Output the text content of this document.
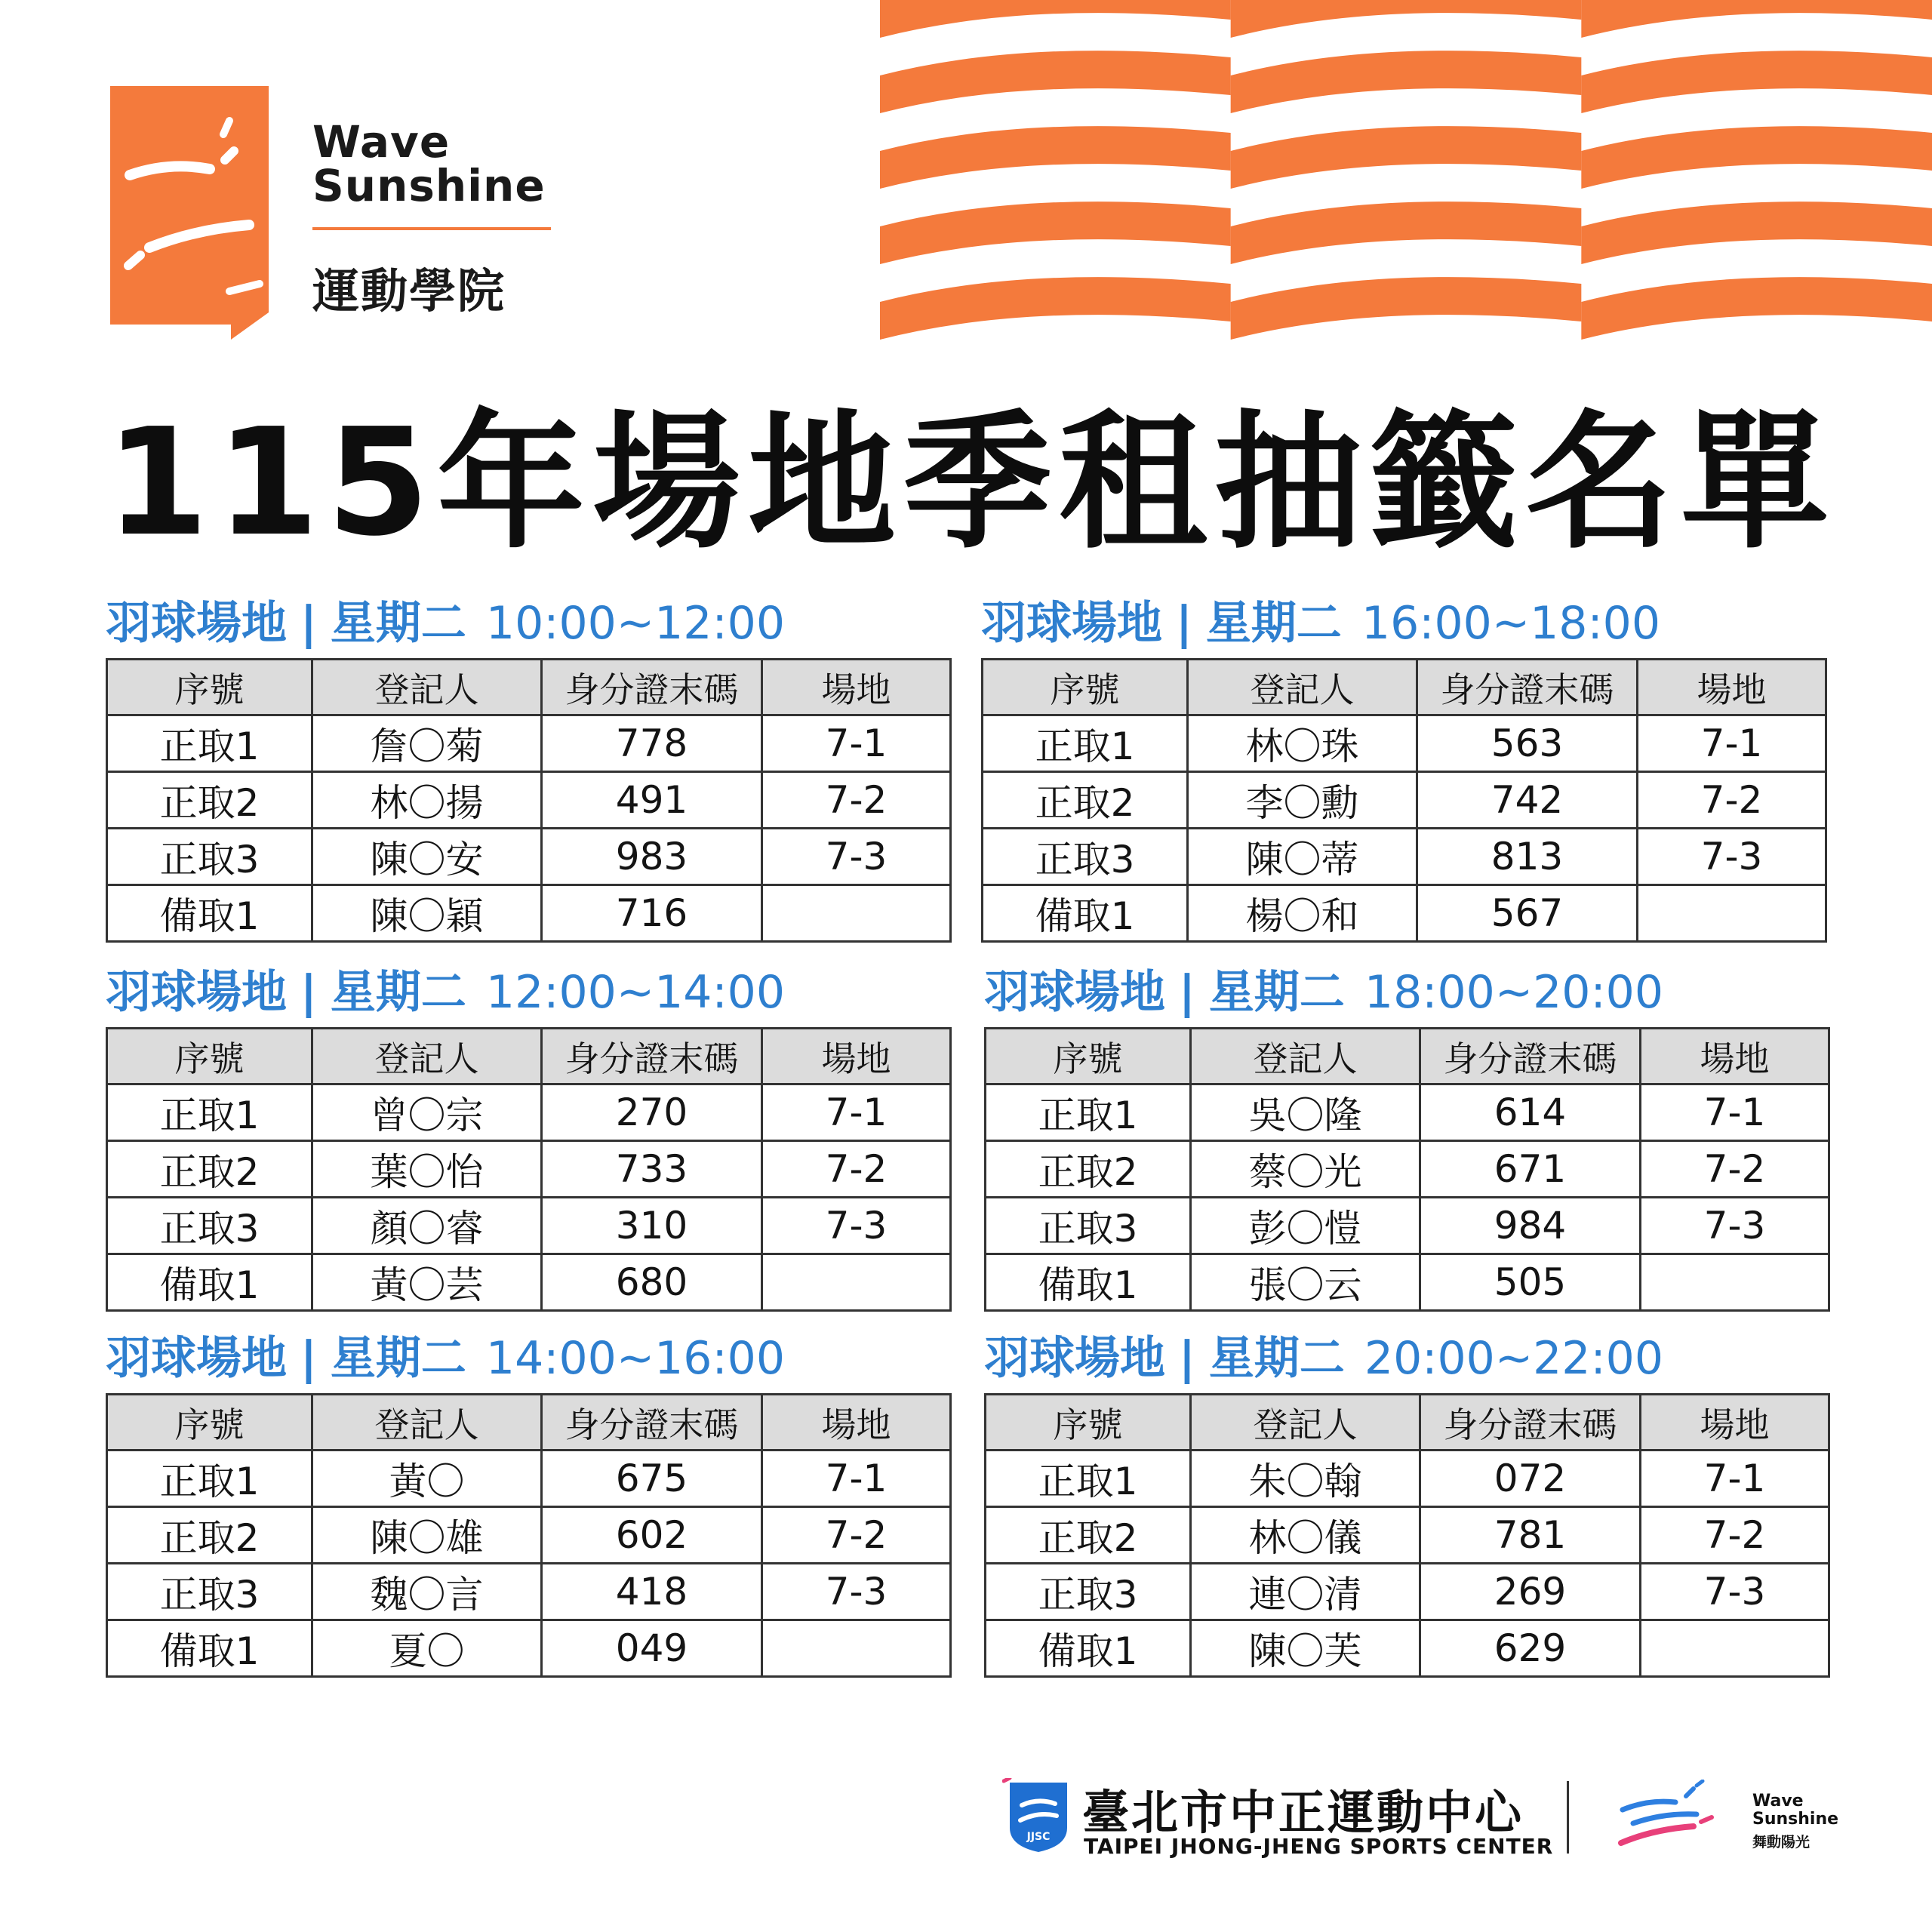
Wave
Sunshine
運動學院
115年場地季租抽籤名單
羽球場地 | 星期二 10:00~12:00
序號	登記人	身分證末碼	場地
正取1	詹〇菊	778	7-1
正取2	林〇揚	491	7-2
正取3	陳〇安	983	7-3
備取1	陳〇穎	716	
羽球場地 | 星期二 16:00~18:00
序號	登記人	身分證末碼	場地
正取1	林〇珠	563	7-1
正取2	李〇勳	742	7-2
正取3	陳〇蒂	813	7-3
備取1	楊〇和	567	
羽球場地 | 星期二 12:00~14:00
序號	登記人	身分證末碼	場地
正取1	曾〇宗	270	7-1
正取2	葉〇怡	733	7-2
正取3	顏〇睿	310	7-3
備取1	黃〇芸	680	
羽球場地 | 星期二 18:00~20:00
序號	登記人	身分證末碼	場地
正取1	吳〇隆	614	7-1
正取2	蔡〇光	671	7-2
正取3	彭〇愷	984	7-3
備取1	張〇云	505	
羽球場地 | 星期二 14:00~16:00
序號	登記人	身分證末碼	場地
正取1	黃〇	675	7-1
正取2	陳〇雄	602	7-2
正取3	魏〇言	418	7-3
備取1	夏〇	049	
羽球場地 | 星期二 20:00~22:00
序號	登記人	身分證末碼	場地
正取1	朱〇翰	072	7-1
正取2	林〇儀	781	7-2
正取3	連〇清	269	7-3
備取1	陳〇芙	629	
JJSC 臺北市中正運動中心
TAIPEI JHONG-JHENG SPORTS CENTER
Wave
Sunshine
舞動陽光
